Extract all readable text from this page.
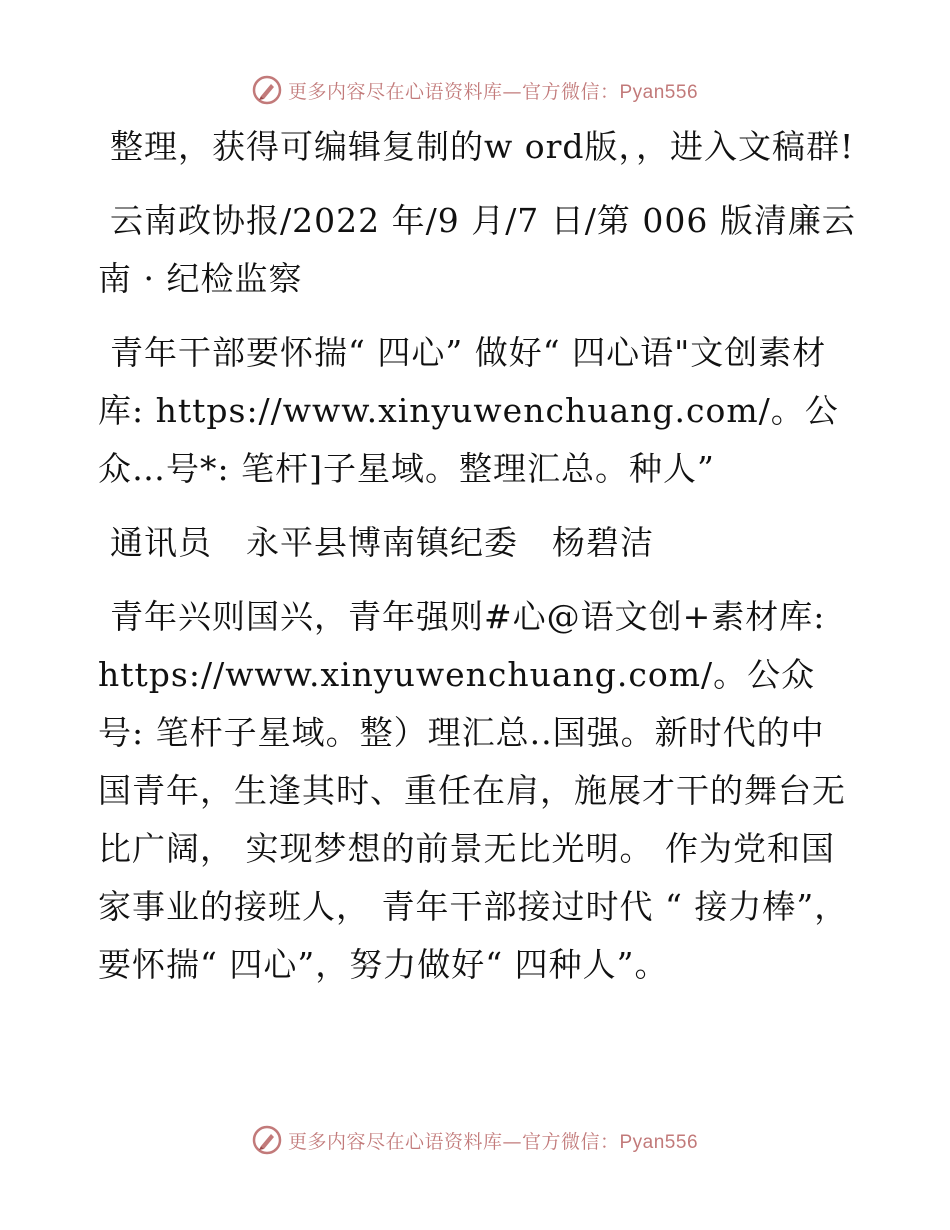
更多内容尽在心语资料库—官方微信：Pyan556

整理，获得可编辑复制的w ord版，，进入文稿群!

云南政协报/2022 年/9 月/7 日/第 006 版清廉云南 · 纪检监察

青年干部要怀揣“ 四心” 做好“ 四心语"文创素材库: https://www.xinyuwenchuang.com/。公众…号*: 笔杆]子星域。整理汇总。种人”

通讯员　永平县博南镇纪委　杨碧洁

青年兴则国兴，青年强则#心@语文创+素材库: https://www.xinyuwenchuang.com/。公众号: 笔杆子星域。整）理汇总..国强。新时代的中国青年，生逢其时、重任在肩，施展才干的舞台无比广阔， 实现梦想的前景无比光明。 作为党和国家事业的接班人， 青年干部接过时代 “ 接力棒”，要怀揣“ 四心”，努力做好“ 四种人”。

更多内容尽在心语资料库—官方微信：Pyan556
